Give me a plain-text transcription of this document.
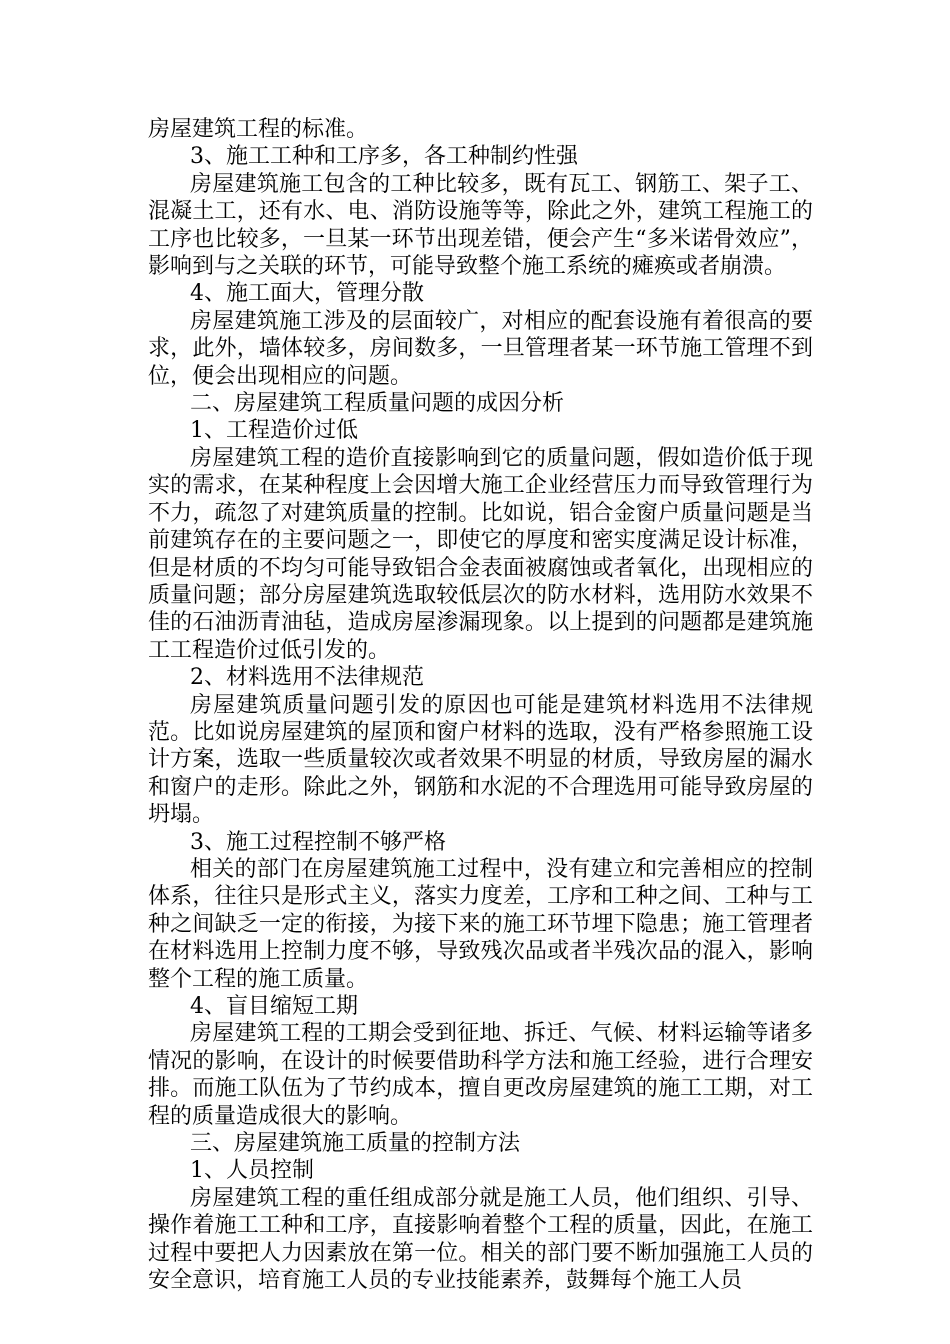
房屋建筑工程的标准。

3、施工工种和工序多，各工种制约性强

房屋建筑施工包含的工种比较多，既有瓦工、钢筋工、架子工、混凝土工，还有水、电、消防设施等等，除此之外，建筑工程施工的工序也比较多，一旦某一环节出现差错，便会产生“多米诺骨效应”，影响到与之关联的环节，可能导致整个施工系统的瘫痪或者崩溃。

4、施工面大，管理分散

房屋建筑施工涉及的层面较广，对相应的配套设施有着很高的要求，此外，墙体较多，房间数多，一旦管理者某一环节施工管理不到位，便会出现相应的问题。

二、房屋建筑工程质量问题的成因分析

1、工程造价过低

房屋建筑工程的造价直接影响到它的质量问题，假如造价低于现实的需求，在某种程度上会因增大施工企业经营压力而导致管理行为不力，疏忽了对建筑质量的控制。比如说，铝合金窗户质量问题是当前建筑存在的主要问题之一，即使它的厚度和密实度满足设计标准，但是材质的不均匀可能导致铝合金表面被腐蚀或者氧化，出现相应的质量问题；部分房屋建筑选取较低层次的防水材料，选用防水效果不佳的石油沥青油毡，造成房屋渗漏现象。以上提到的问题都是建筑施工工程造价过低引发的。

2、材料选用不法律规范

房屋建筑质量问题引发的原因也可能是建筑材料选用不法律规范。比如说房屋建筑的屋顶和窗户材料的选取，没有严格参照施工设计方案，选取一些质量较次或者效果不明显的材质，导致房屋的漏水和窗户的走形。除此之外，钢筋和水泥的不合理选用可能导致房屋的坍塌。

3、施工过程控制不够严格

相关的部门在房屋建筑施工过程中，没有建立和完善相应的控制体系，往往只是形式主义，落实力度差，工序和工种之间、工种与工种之间缺乏一定的衔接，为接下来的施工环节埋下隐患；施工管理者在材料选用上控制力度不够，导致残次品或者半残次品的混入，影响整个工程的施工质量。

4、盲目缩短工期

房屋建筑工程的工期会受到征地、拆迁、气候、材料运输等诸多情况的影响，在设计的时候要借助科学方法和施工经验，进行合理安排。而施工队伍为了节约成本，擅自更改房屋建筑的施工工期，对工程的质量造成很大的影响。

三、房屋建筑施工质量的控制方法

1、人员控制

房屋建筑工程的重任组成部分就是施工人员，他们组织、引导、操作着施工工种和工序，直接影响着整个工程的质量，因此，在施工过程中要把人力因素放在第一位。相关的部门要不断加强施工人员的安全意识，培育施工人员的专业技能素养，鼓舞每个施工人员
